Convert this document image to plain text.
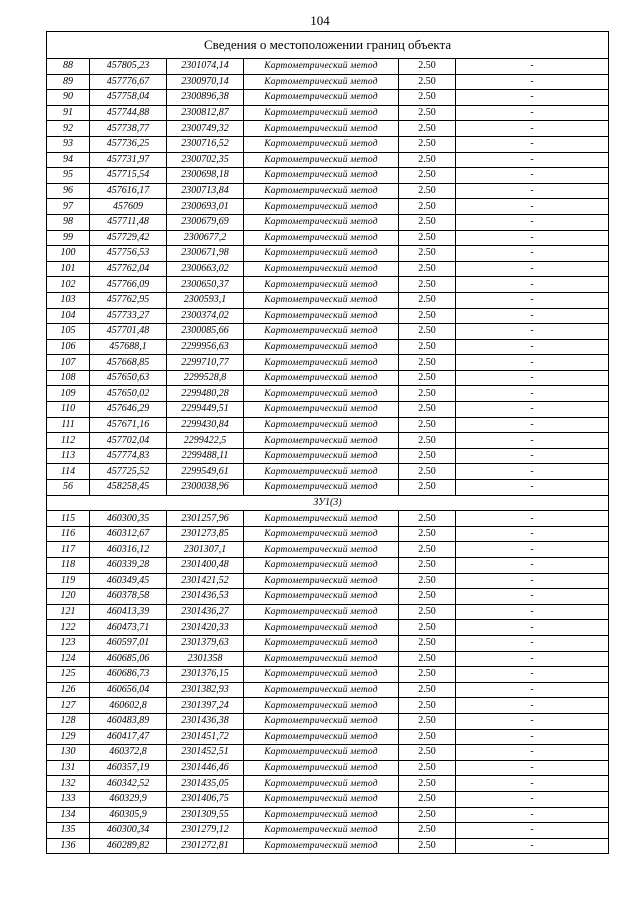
104
Сведения о местоположении границ объекта					
88	457805,23	2301074,14	Картометрический метод	2.50	-
89	457776,67	2300970,14	Картометрический метод	2.50	-
90	457758,04	2300896,38	Картометрический метод	2.50	-
91	457744,88	2300812,87	Картометрический метод	2.50	-
92	457738,77	2300749,32	Картометрический метод	2.50	-
93	457736,25	2300716,52	Картометрический метод	2.50	-
94	457731,97	2300702,35	Картометрический метод	2.50	-
95	457715,54	2300698,18	Картометрический метод	2.50	-
96	457616,17	2300713,84	Картометрический метод	2.50	-
97	457609	2300693,01	Картометрический метод	2.50	-
98	457711,48	2300679,69	Картометрический метод	2.50	-
99	457729,42	2300677,2	Картометрический метод	2.50	-
100	457756,53	2300671,98	Картометрический метод	2.50	-
101	457762,04	2300663,02	Картометрический метод	2.50	-
102	457766,09	2300650,37	Картометрический метод	2.50	-
103	457762,95	2300593,1	Картометрический метод	2.50	-
104	457733,27	2300374,02	Картометрический метод	2.50	-
105	457701,48	2300085,66	Картометрический метод	2.50	-
106	457688,1	2299956,63	Картометрический метод	2.50	-
107	457668,85	2299710,77	Картометрический метод	2.50	-
108	457650,63	2299528,8	Картометрический метод	2.50	-
109	457650,02	2299480,28	Картометрический метод	2.50	-
110	457646,29	2299449,51	Картометрический метод	2.50	-
111	457671,16	2299430,84	Картометрический метод	2.50	-
112	457702,04	2299422,5	Картометрический метод	2.50	-
113	457774,83	2299488,11	Картометрический метод	2.50	-
114	457725,52	2299549,61	Картометрический метод	2.50	-
56	458258,45	2300038,96	Картометрический метод	2.50	-
ЗУ1(3)					
115	460300,35	2301257,96	Картометрический метод	2.50	-
116	460312,67	2301273,85	Картометрический метод	2.50	-
117	460316,12	2301307,1	Картометрический метод	2.50	-
118	460339,28	2301400,48	Картометрический метод	2.50	-
119	460349,45	2301421,52	Картометрический метод	2.50	-
120	460378,58	2301436,53	Картометрический метод	2.50	-
121	460413,39	2301436,27	Картометрический метод	2.50	-
122	460473,71	2301420,33	Картометрический метод	2.50	-
123	460597,01	2301379,63	Картометрический метод	2.50	-
124	460685,06	2301358	Картометрический метод	2.50	-
125	460686,73	2301376,15	Картометрический метод	2.50	-
126	460656,04	2301382,93	Картометрический метод	2.50	-
127	460602,8	2301397,24	Картометрический метод	2.50	-
128	460483,89	2301436,38	Картометрический метод	2.50	-
129	460417,47	2301451,72	Картометрический метод	2.50	-
130	460372,8	2301452,51	Картометрический метод	2.50	-
131	460357,19	2301446,46	Картометрический метод	2.50	-
132	460342,52	2301435,05	Картометрический метод	2.50	-
133	460329,9	2301406,75	Картометрический метод	2.50	-
134	460305,9	2301309,55	Картометрический метод	2.50	-
135	460300,34	2301279,12	Картометрический метод	2.50	-
136	460289,82	2301272,81	Картометрический метод	2.50	-
